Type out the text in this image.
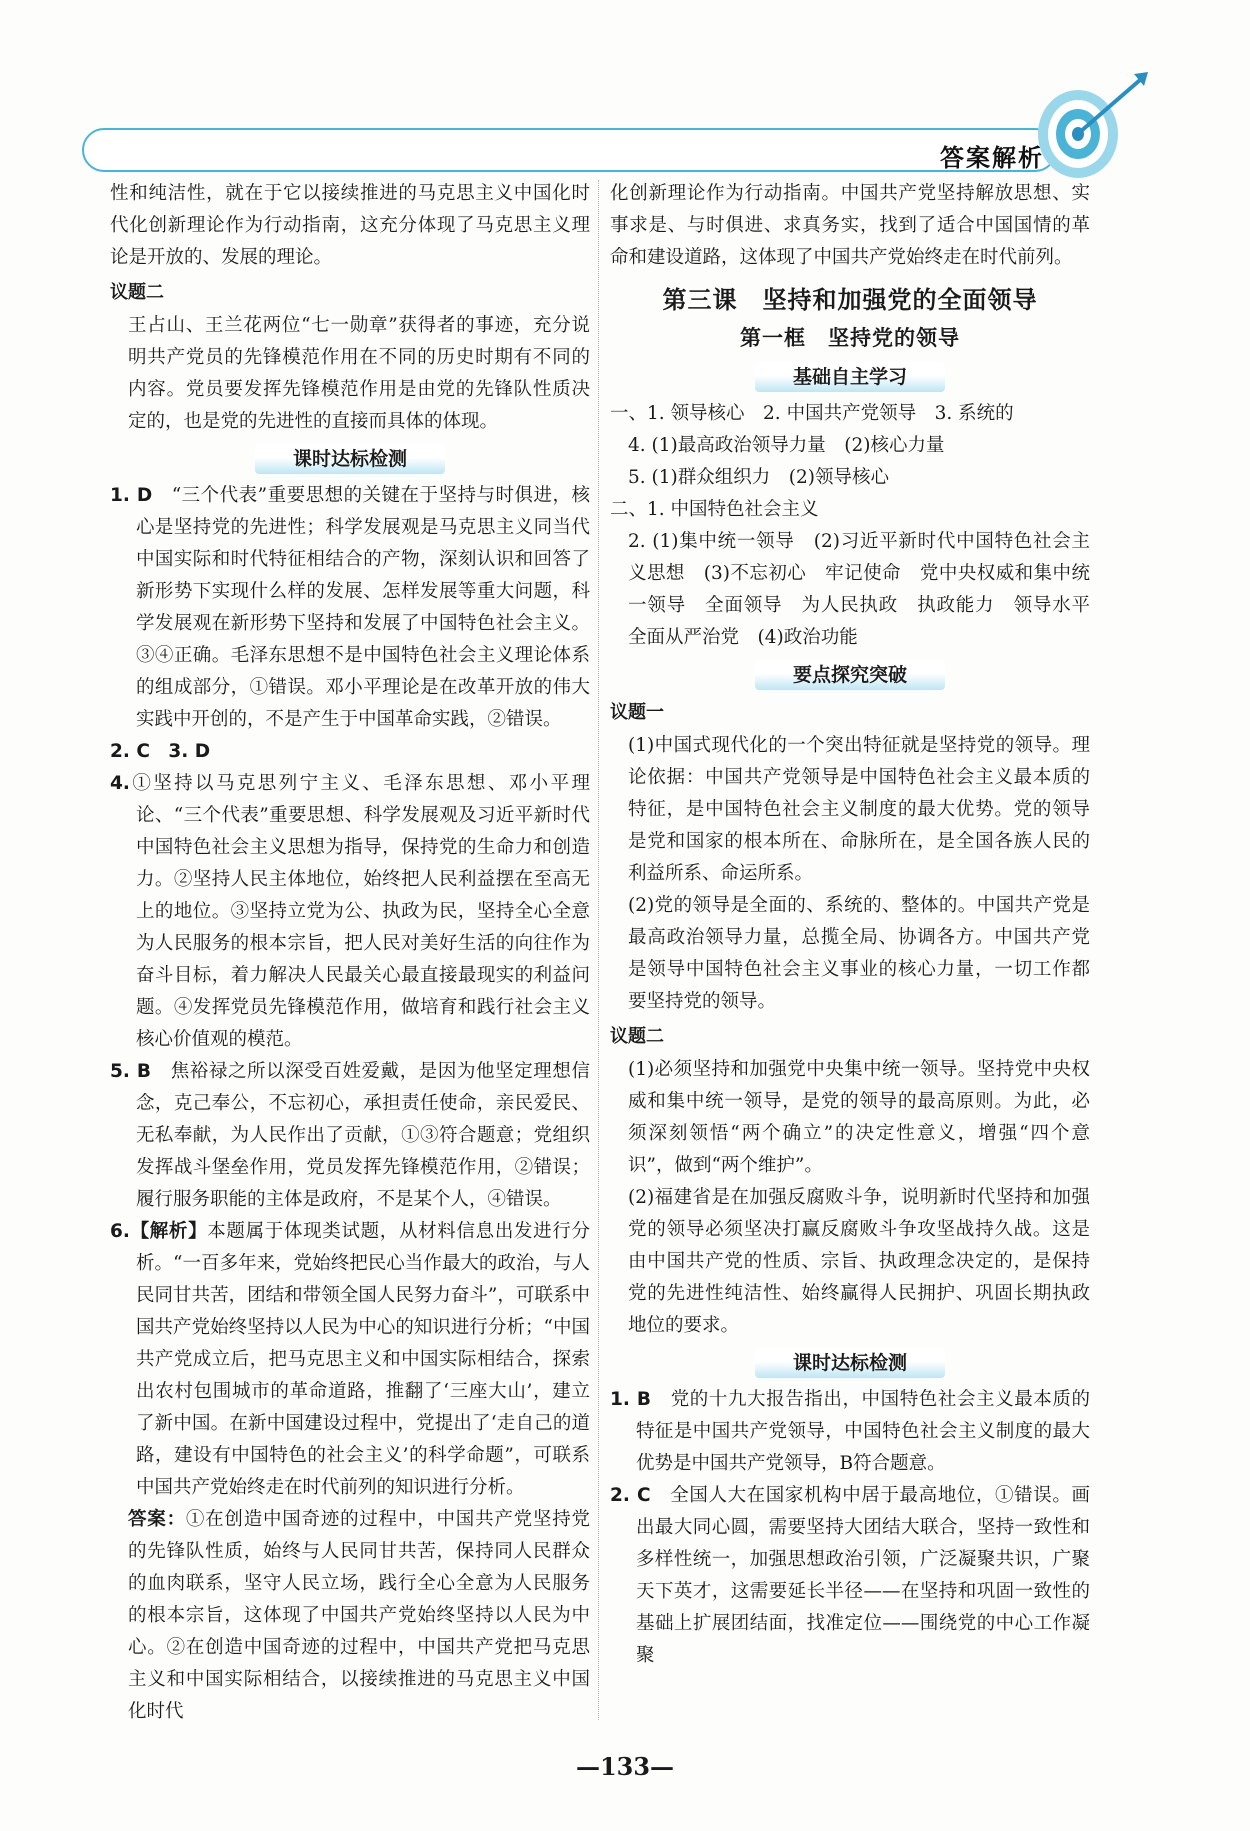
答案解析

性和纯洁性，就在于它以接续推进的马克思主义中国化时代化创新理论作为行动指南，这充分体现了马克思主义理论是开放的、发展的理论。

议题二

王占山、王兰花两位“七一勋章”获得者的事迹，充分说明共产党员的先锋模范作用在不同的历史时期有不同的内容。党员要发挥先锋模范作用是由党的先锋队性质决定的，也是党的先进性的直接而具体的体现。

课时达标检测

1. D　 “三个代表”重要思想的关键在于坚持与时俱进，核心是坚持党的先进性；科学发展观是马克思主义同当代中国实际和时代特征相结合的产物，深刻认识和回答了新形势下实现什么样的发展、怎样发展等重大问题，科学发展观在新形势下坚持和发展了中国特色社会主义。③④正确。毛泽东思想不是中国特色社会主义理论体系的组成部分，①错误。邓小平理论是在改革开放的伟大实践中开创的，不是产生于中国革命实践，②错误。

2. C　3. D

4.①坚持以马克思列宁主义、毛泽东思想、邓小平理论、“三个代表”重要思想、科学发展观及习近平新时代中国特色社会主义思想为指导，保持党的生命力和创造力。②坚持人民主体地位，始终把人民利益摆在至高无上的地位。③坚持立党为公、执政为民，坚持全心全意为人民服务的根本宗旨，把人民对美好生活的向往作为奋斗目标，着力解决人民最关心最直接最现实的利益问题。④发挥党员先锋模范作用，做培育和践行社会主义核心价值观的模范。

5. B　 焦裕禄之所以深受百姓爱戴，是因为他坚定理想信念，克己奉公，不忘初心，承担责任使命，亲民爱民、无私奉献，为人民作出了贡献，①③符合题意；党组织发挥战斗堡垒作用，党员发挥先锋模范作用，②错误；履行服务职能的主体是政府，不是某个人，④错误。

6.【解析】本题属于体现类试题，从材料信息出发进行分析。“一百多年来，党始终把民心当作最大的政治，与人民同甘共苦，团结和带领全国人民努力奋斗”，可联系中国共产党始终坚持以人民为中心的知识进行分析；“中国共产党成立后，把马克思主义和中国实际相结合，探索出农村包围城市的革命道路，推翻了‘三座大山’，建立了新中国。在新中国建设过程中，党提出了‘走自己的道路，建设有中国特色的社会主义’的科学命题”，可联系中国共产党始终走在时代前列的知识进行分析。

答案：①在创造中国奇迹的过程中，中国共产党坚持党的先锋队性质，始终与人民同甘共苦，保持同人民群众的血肉联系，坚守人民立场，践行全心全意为人民服务的根本宗旨，这体现了中国共产党始终坚持以人民为中心。②在创造中国奇迹的过程中，中国共产党把马克思主义和中国实际相结合，以接续推进的马克思主义中国化时代

化创新理论作为行动指南。中国共产党坚持解放思想、实事求是、与时俱进、求真务实，找到了适合中国国情的革命和建设道路，这体现了中国共产党始终走在时代前列。

第三课　坚持和加强党的全面领导

第一框　坚持党的领导

基础自主学习

一、1. 领导核心　2. 中国共产党领导　3. 系统的

4. (1)最高政治领导力量　(2)核心力量

5. (1)群众组织力　(2)领导核心

二、1. 中国特色社会主义

2. (1)集中统一领导　(2)习近平新时代中国特色社会主义思想　(3)不忘初心　牢记使命　党中央权威和集中统一领导　全面领导　为人民执政　执政能力　领导水平　全面从严治党　(4)政治功能

要点探究突破

议题一

(1)中国式现代化的一个突出特征就是坚持党的领导。理论依据：中国共产党领导是中国特色社会主义最本质的特征，是中国特色社会主义制度的最大优势。党的领导是党和国家的根本所在、命脉所在，是全国各族人民的利益所系、命运所系。

(2)党的领导是全面的、系统的、整体的。中国共产党是最高政治领导力量，总揽全局、协调各方。中国共产党是领导中国特色社会主义事业的核心力量，一切工作都要坚持党的领导。

议题二

(1)必须坚持和加强党中央集中统一领导。坚持党中央权威和集中统一领导，是党的领导的最高原则。为此，必须深刻领悟“两个确立”的决定性意义，增强“四个意识”，做到“两个维护”。

(2)福建省是在加强反腐败斗争，说明新时代坚持和加强党的领导必须坚决打赢反腐败斗争攻坚战持久战。这是由中国共产党的性质、宗旨、执政理念决定的，是保持党的先进性纯洁性、始终赢得人民拥护、巩固长期执政地位的要求。

课时达标检测

1. B　 党的十九大报告指出，中国特色社会主义最本质的特征是中国共产党领导，中国特色社会主义制度的最大优势是中国共产党领导，B符合题意。

2. C　 全国人大在国家机构中居于最高地位，①错误。画出最大同心圆，需要坚持大团结大联合，坚持一致性和多样性统一，加强思想政治引领，广泛凝聚共识，广聚天下英才，这需要延长半径——在坚持和巩固一致性的基础上扩展团结面，找准定位——围绕党的中心工作凝聚

—133—
